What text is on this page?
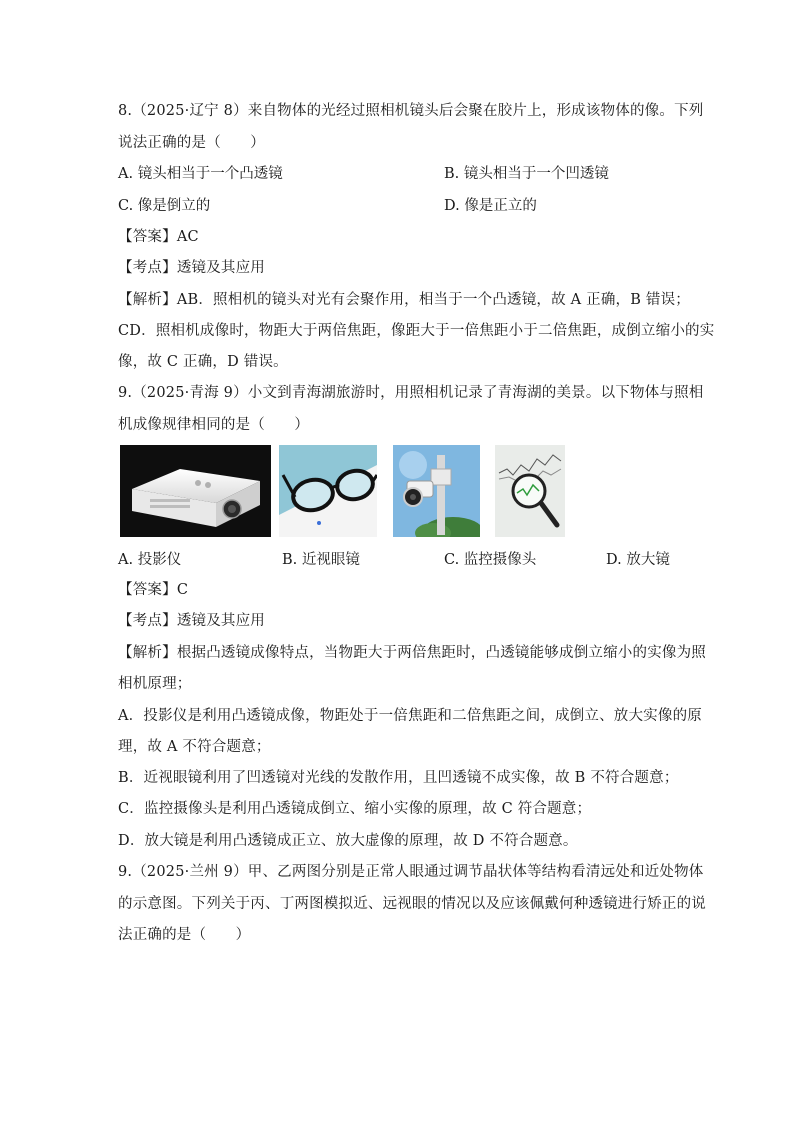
8.（2025·辽宁 8）来自物体的光经过照相机镜头后会聚在胶片上，形成该物体的像。下列
说法正确的是（　　）
A. 镜头相当于一个凸透镜	B. 镜头相当于一个凹透镜
C. 像是倒立的	D. 像是正立的
【答案】AC
【考点】透镜及其应用
【解析】AB．照相机的镜头对光有会聚作用，相当于一个凸透镜，故 A 正确，B 错误；
CD．照相机成像时，物距大于两倍焦距，像距大于一倍焦距小于二倍焦距，成倒立缩小的实
像，故 C 正确，D 错误。
9.（2025·青海 9）小文到青海湖旅游时，用照相机记录了青海湖的美景。以下物体与照相
机成像规律相同的是（　　）
A. 投影仪	B. 近视眼镜	C. 监控摄像头	D. 放大镜
【答案】C
【考点】透镜及其应用
【解析】根据凸透镜成像特点，当物距大于两倍焦距时，凸透镜能够成倒立缩小的实像为照
相机原理；
A．投影仪是利用凸透镜成像，物距处于一倍焦距和二倍焦距之间，成倒立、放大实像的原
理，故 A 不符合题意；
B．近视眼镜利用了凹透镜对光线的发散作用，且凹透镜不成实像，故 B 不符合题意；
C．监控摄像头是利用凸透镜成倒立、缩小实像的原理，故 C 符合题意；
D．放大镜是利用凸透镜成正立、放大虚像的原理，故 D 不符合题意。
9.（2025·兰州 9）甲、乙两图分别是正常人眼通过调节晶状体等结构看清远处和近处物体
的示意图。下列关于丙、丁两图模拟近、远视眼的情况以及应该佩戴何种透镜进行矫正的说
法正确的是（　　）
